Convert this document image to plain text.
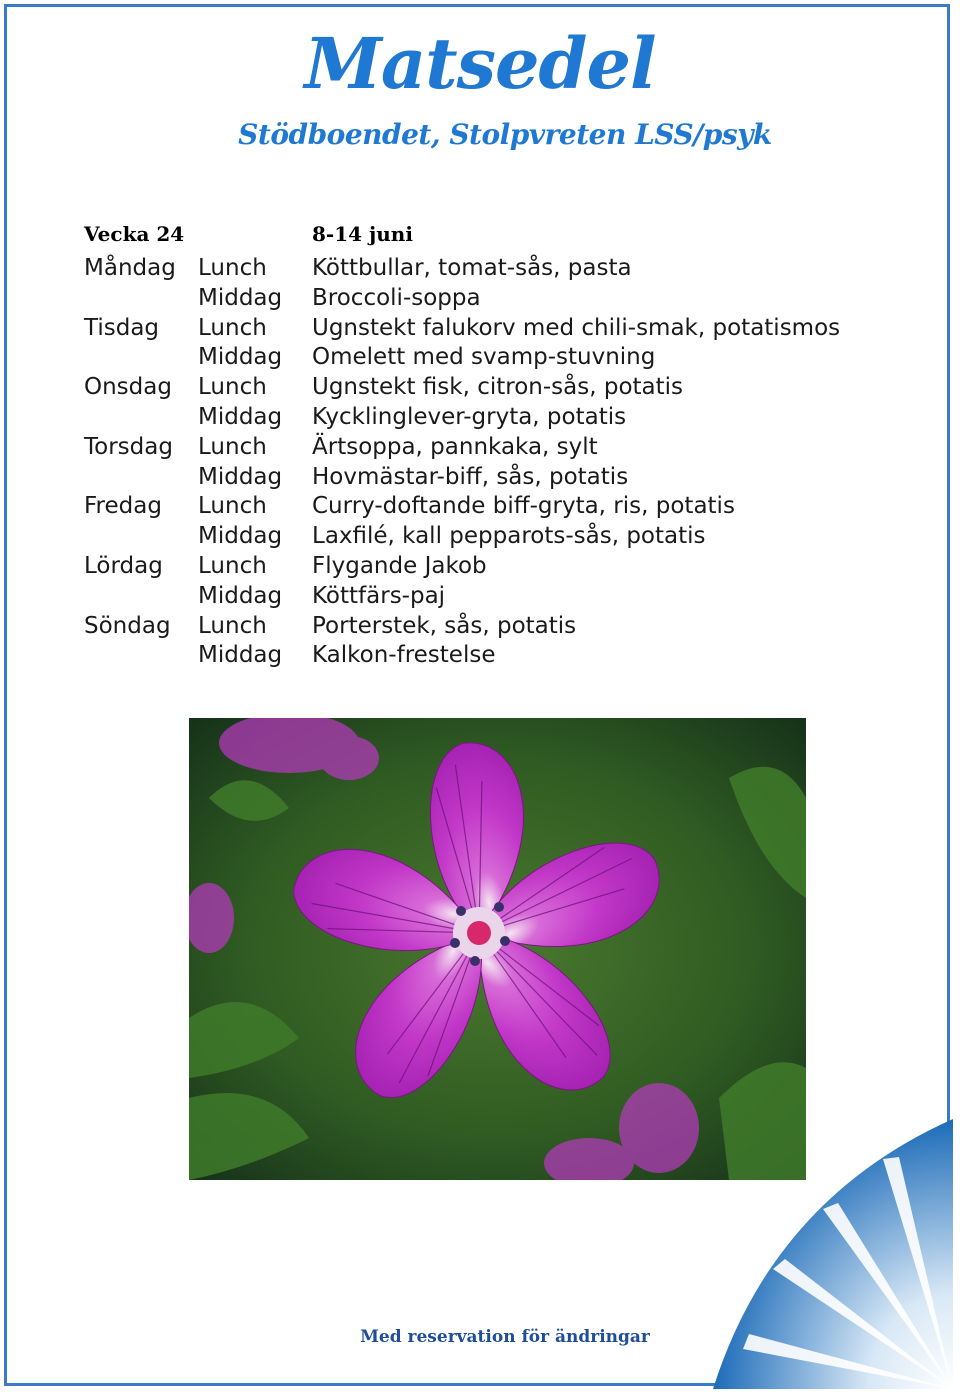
Matsedel
Stödboendet, Stolpvreten LSS/psyk
Vecka 24	8-14 juni
Måndag Lunch Köttbullar, tomat-sås, pasta
Middag Broccoli-soppa
Tisdag Lunch Ugnstekt falukorv med chili-smak, potatismos
Middag Omelett med svamp-stuvning
Onsdag Lunch Ugnstekt fisk, citron-sås, potatis
Middag Kycklinglever-gryta, potatis
Torsdag Lunch Ärtsoppa, pannkaka, sylt
Middag Hovmästar-biff, sås, potatis
Fredag Lunch Curry-doftande biff-gryta, ris, potatis
Middag Laxfilé, kall pepparots-sås, potatis
Lördag Lunch Flygande Jakob
Middag Köttfärs-paj
Söndag Lunch Porterstek, sås, potatis
Middag Kalkon-frestelse
Med reservation för ändringar
